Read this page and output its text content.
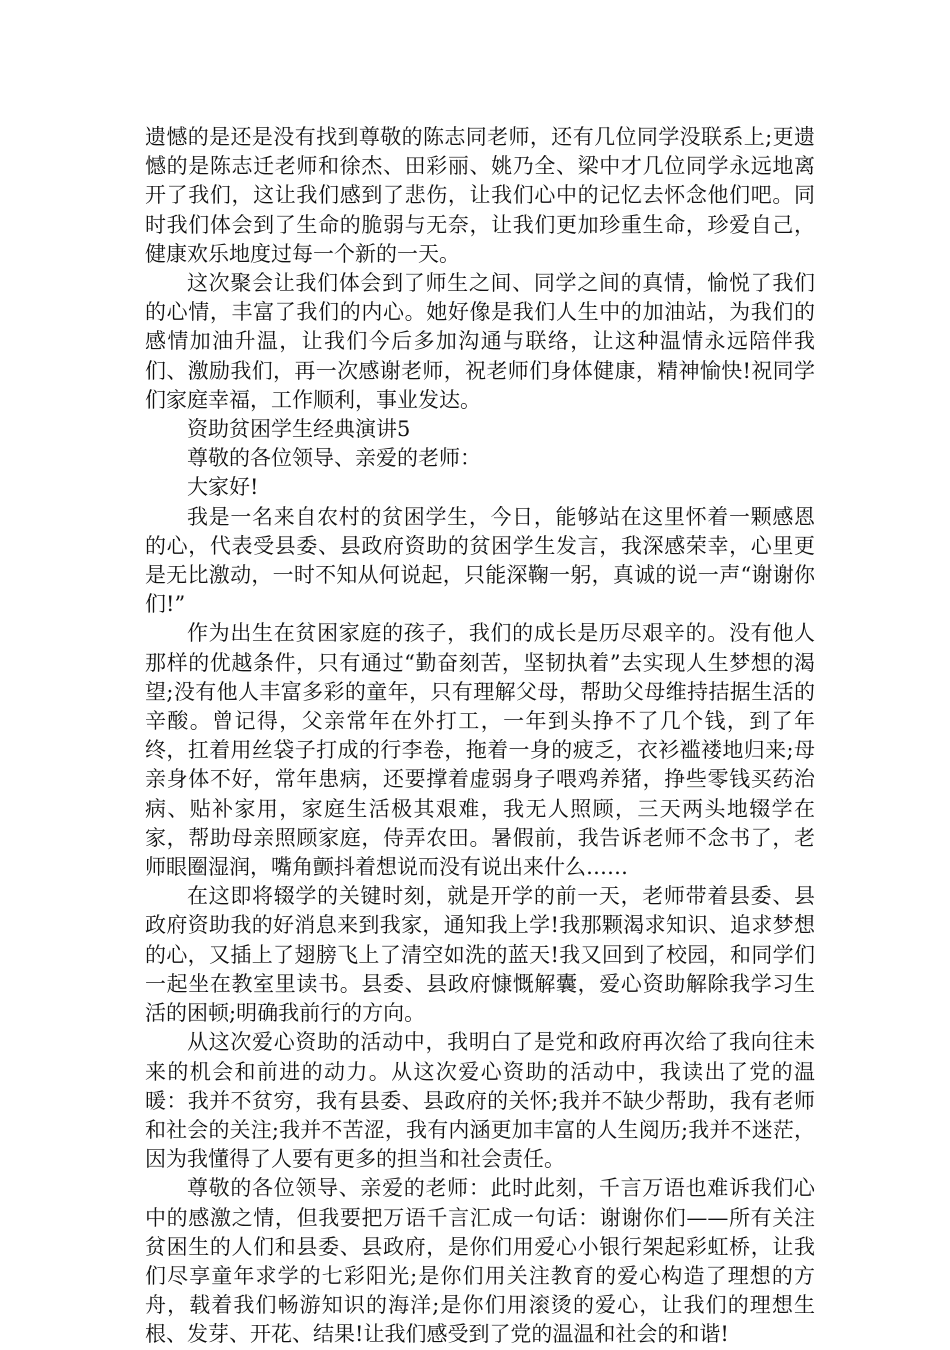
遗憾的是还是没有找到尊敬的陈志同老师，还有几位同学没联系上;更遗憾的是陈志迁老师和徐杰、田彩丽、姚乃全、梁中才几位同学永远地离开了我们，这让我们感到了悲伤，让我们心中的记忆去怀念他们吧。同时我们体会到了生命的脆弱与无奈，让我们更加珍重生命，珍爱自己，健康欢乐地度过每一个新的一天。

这次聚会让我们体会到了师生之间、同学之间的真情，愉悦了我们的心情，丰富了我们的内心。她好像是我们人生中的加油站，为我们的感情加油升温，让我们今后多加沟通与联络，让这种温情永远陪伴我们、激励我们，再一次感谢老师，祝老师们身体健康，精神愉快!祝同学们家庭幸福，工作顺利，事业发达。

资助贫困学生经典演讲5

尊敬的各位领导、亲爱的老师：

大家好!

我是一名来自农村的贫困学生，今日，能够站在这里怀着一颗感恩的心，代表受县委、县政府资助的贫困学生发言，我深感荣幸，心里更是无比激动，一时不知从何说起，只能深鞠一躬，真诚的说一声“谢谢你们!”

作为出生在贫困家庭的孩子，我们的成长是历尽艰辛的。没有他人那样的优越条件，只有通过“勤奋刻苦，坚韧执着”去实现人生梦想的渴望;没有他人丰富多彩的童年，只有理解父母，帮助父母维持拮据生活的辛酸。曾记得，父亲常年在外打工，一年到头挣不了几个钱，到了年终，扛着用丝袋子打成的行李卷，拖着一身的疲乏，衣衫褴褛地归来;母亲身体不好，常年患病，还要撑着虚弱身子喂鸡养猪，挣些零钱买药治病、贴补家用，家庭生活极其艰难，我无人照顾，三天两头地辍学在家，帮助母亲照顾家庭，侍弄农田。暑假前，我告诉老师不念书了，老师眼圈湿润，嘴角颤抖着想说而没有说出来什么……

在这即将辍学的关键时刻，就是开学的前一天，老师带着县委、县政府资助我的好消息来到我家，通知我上学!我那颗渴求知识、追求梦想的心，又插上了翅膀飞上了清空如洗的蓝天!我又回到了校园，和同学们一起坐在教室里读书。县委、县政府慷慨解囊，爱心资助解除我学习生活的困顿;明确我前行的方向。

从这次爱心资助的活动中，我明白了是党和政府再次给了我向往未来的机会和前进的动力。从这次爱心资助的活动中，我读出了党的温暖：我并不贫穷，我有县委、县政府的关怀;我并不缺少帮助，我有老师和社会的关注;我并不苦涩，我有内涵更加丰富的人生阅历;我并不迷茫，因为我懂得了人要有更多的担当和社会责任。

尊敬的各位领导、亲爱的老师：此时此刻，千言万语也难诉我们心中的感激之情，但我要把万语千言汇成一句话：谢谢你们——所有关注贫困生的人们和县委、县政府，是你们用爱心小银行架起彩虹桥，让我们尽享童年求学的七彩阳光;是你们用关注教育的爱心构造了理想的方舟，载着我们畅游知识的海洋;是你们用滚烫的爱心，让我们的理想生根、发芽、开花、结果!让我们感受到了党的温温和社会的和谐!
